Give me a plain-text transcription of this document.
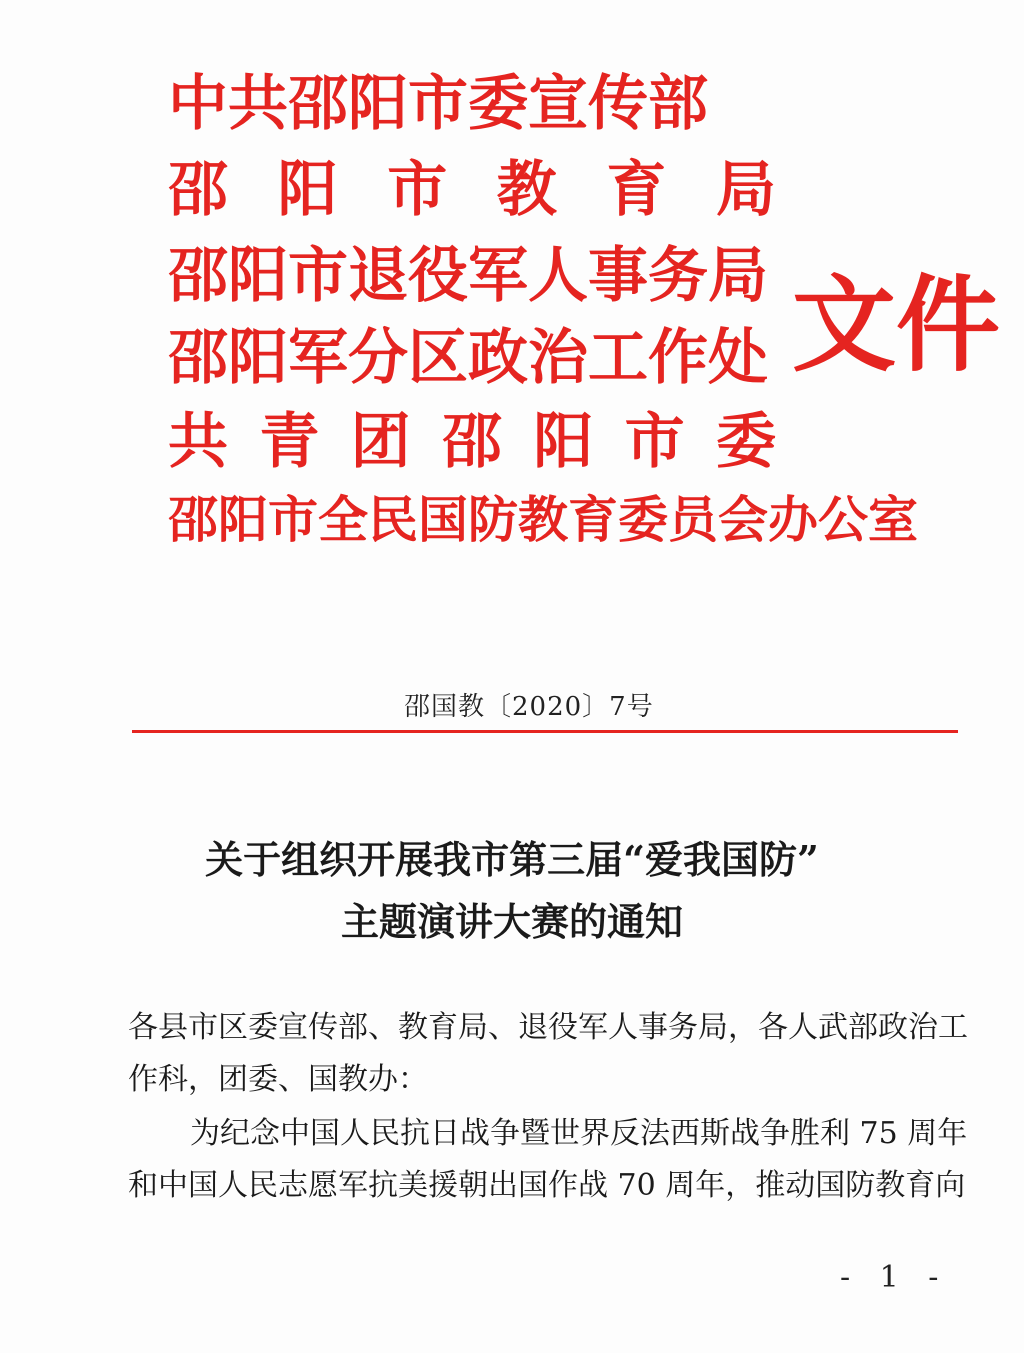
中共邵阳市委宣传部
邵 阳 市 教 育 局
邵阳市退役军人事务局
邵阳军分区政治工作处
共 青 团 邵 阳 市 委
邵阳市全民国防教育委员会办公室
文件
邵国教〔2020〕7号
关于组织开展我市第三届“爱我国防”
主题演讲大赛的通知
各县市区委宣传部、教育局、退役军人事务局，各人武部政治工
作科，团委、国教办：
为纪念中国人民抗日战争暨世界反法西斯战争胜利 75 周年
和中国人民志愿军抗美援朝出国作战 70 周年，推动国防教育向
- 1 -
